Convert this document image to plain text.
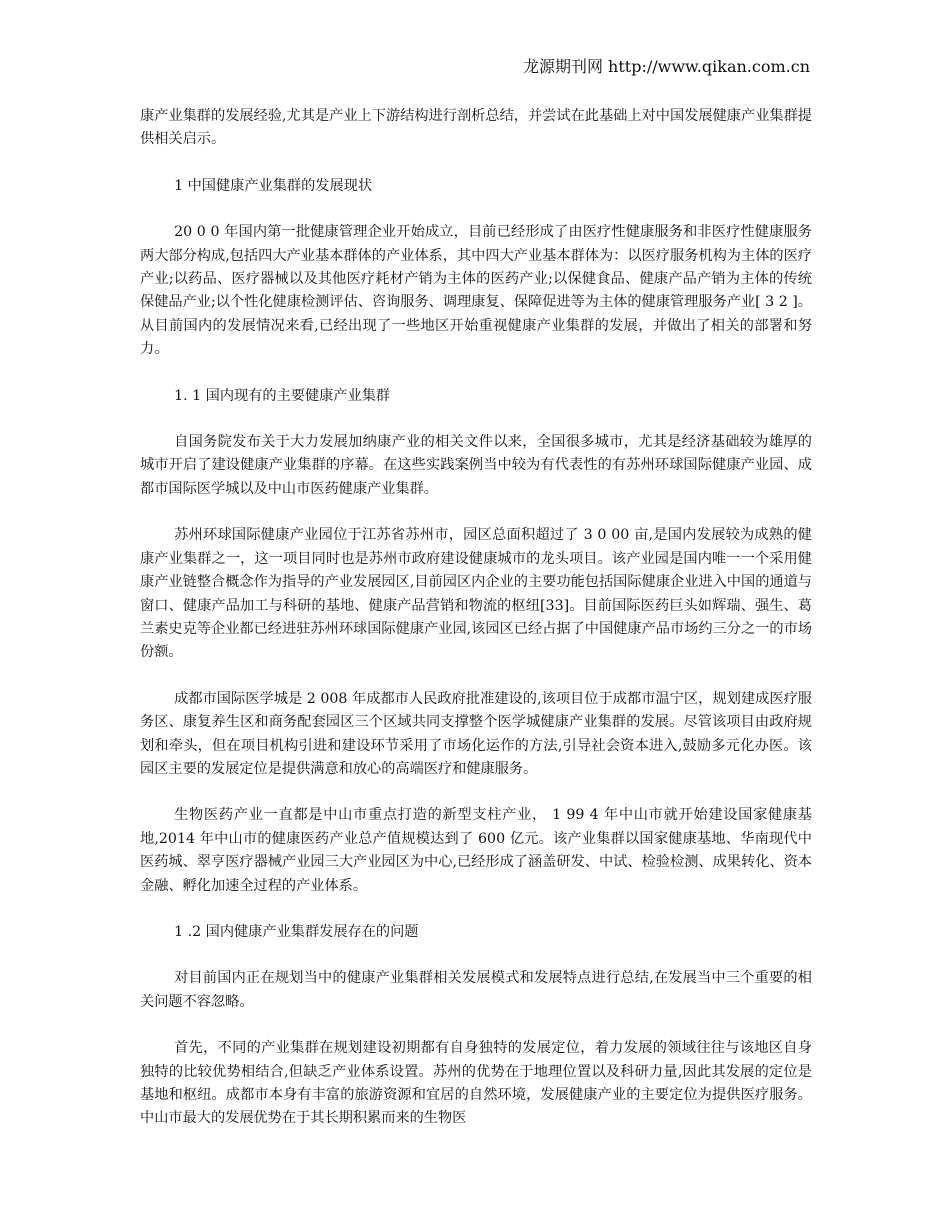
龙源期刊网 http://www.qikan.com.cn

康产业集群的发展经验,尤其是产业上下游结构进行剖析总结，并尝试在此基础上对中国发展健康产业集群提供相关启示。

1 中国健康产业集群的发展现状

20 0 0 年国内第一批健康管理企业开始成立，目前已经形成了由医疗性健康服务和非医疗性健康服务两大部分构成,包括四大产业基本群体的产业体系，其中四大产业基本群体为：以医疗服务机构为主体的医疗产业;以药品、医疗器械以及其他医疗耗材产销为主体的医药产业;以保健食品、健康产品产销为主体的传统保健品产业;以个性化健康检测评估、咨询服务、调理康复、保障促进等为主体的健康管理服务产业[ 3 2 ]。从目前国内的发展情况来看,已经出现了一些地区开始重视健康产业集群的发展，并做出了相关的部署和努力。

1. 1 国内现有的主要健康产业集群

自国务院发布关于大力发展加纳康产业的相关文件以来，全国很多城市，尤其是经济基础较为雄厚的城市开启了建设健康产业集群的序幕。在这些实践案例当中较为有代表性的有苏州环球国际健康产业园、成都市国际医学城以及中山市医药健康产业集群。

苏州环球国际健康产业园位于江苏省苏州市，园区总面积超过了 3 0 00 亩,是国内发展较为成熟的健康产业集群之一，这一项目同时也是苏州市政府建设健康城市的龙头项目。该产业园是国内唯一一个采用健康产业链整合概念作为指导的产业发展园区,目前园区内企业的主要功能包括国际健康企业进入中国的通道与窗口、健康产品加工与科研的基地、健康产品营销和物流的枢纽[33]。目前国际医药巨头如辉瑞、强生、葛兰素史克等企业都已经进驻苏州环球国际健康产业园,该园区已经占据了中国健康产品市场约三分之一的市场份额。

成都市国际医学城是 2 008 年成都市人民政府批准建设的,该项目位于成都市温宁区，规划建成医疗服务区、康复养生区和商务配套园区三个区域共同支撑整个医学城健康产业集群的发展。尽管该项目由政府规划和牵头，但在项目机构引进和建设环节采用了市场化运作的方法,引导社会资本进入,鼓励多元化办医。该园区主要的发展定位是提供满意和放心的高端医疗和健康服务。

生物医药产业一直都是中山市重点打造的新型支柱产业， 1 99 4 年中山市就开始建设国家健康基地,2014 年中山市的健康医药产业总产值规模达到了 600 亿元。该产业集群以国家健康基地、华南现代中医药城、翠亨医疗器械产业园三大产业园区为中心,已经形成了涵盖研发、中试、检验检测、成果转化、资本金融、孵化加速全过程的产业体系。

1 .2 国内健康产业集群发展存在的问题

对目前国内正在规划当中的健康产业集群相关发展模式和发展特点进行总结,在发展当中三个重要的相关问题不容忽略。

首先，不同的产业集群在规划建设初期都有自身独特的发展定位，着力发展的领域往往与该地区自身独特的比较优势相结合,但缺乏产业体系设置。苏州的优势在于地理位置以及科研力量,因此其发展的定位是基地和枢纽。成都市本身有丰富的旅游资源和宜居的自然环境，发展健康产业的主要定位为提供医疗服务。中山市最大的发展优势在于其长期积累而来的生物医
